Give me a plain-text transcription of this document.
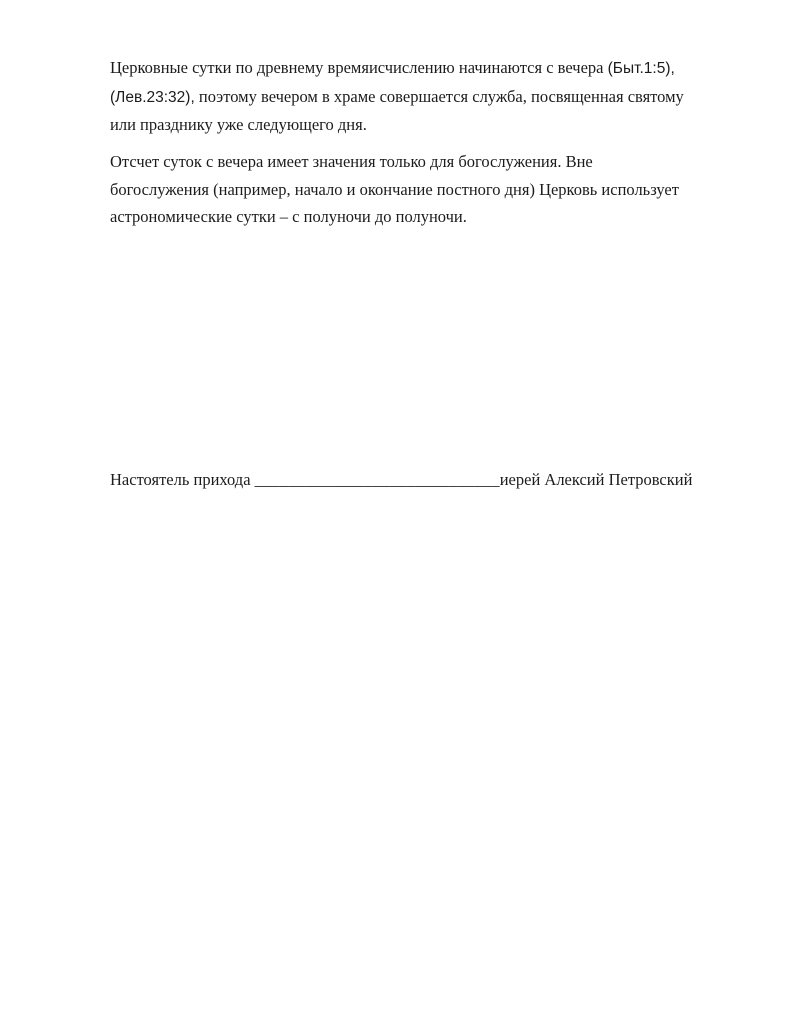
Церковные сутки по древнему времяисчислению начинаются с вечера (Быт.1:5),
(Лев.23:32), поэтому вечером в храме совершается служба, посвященная святому
или празднику уже следующего дня.

Отсчет суток с вечера имеет значения только для богослужения. Вне
богослужения (например, начало и окончание постного дня) Церковь использует
астрономические сутки – с полуночи до полуночи.

Настоятель прихода _____________________________иерей Алексий Петровский
